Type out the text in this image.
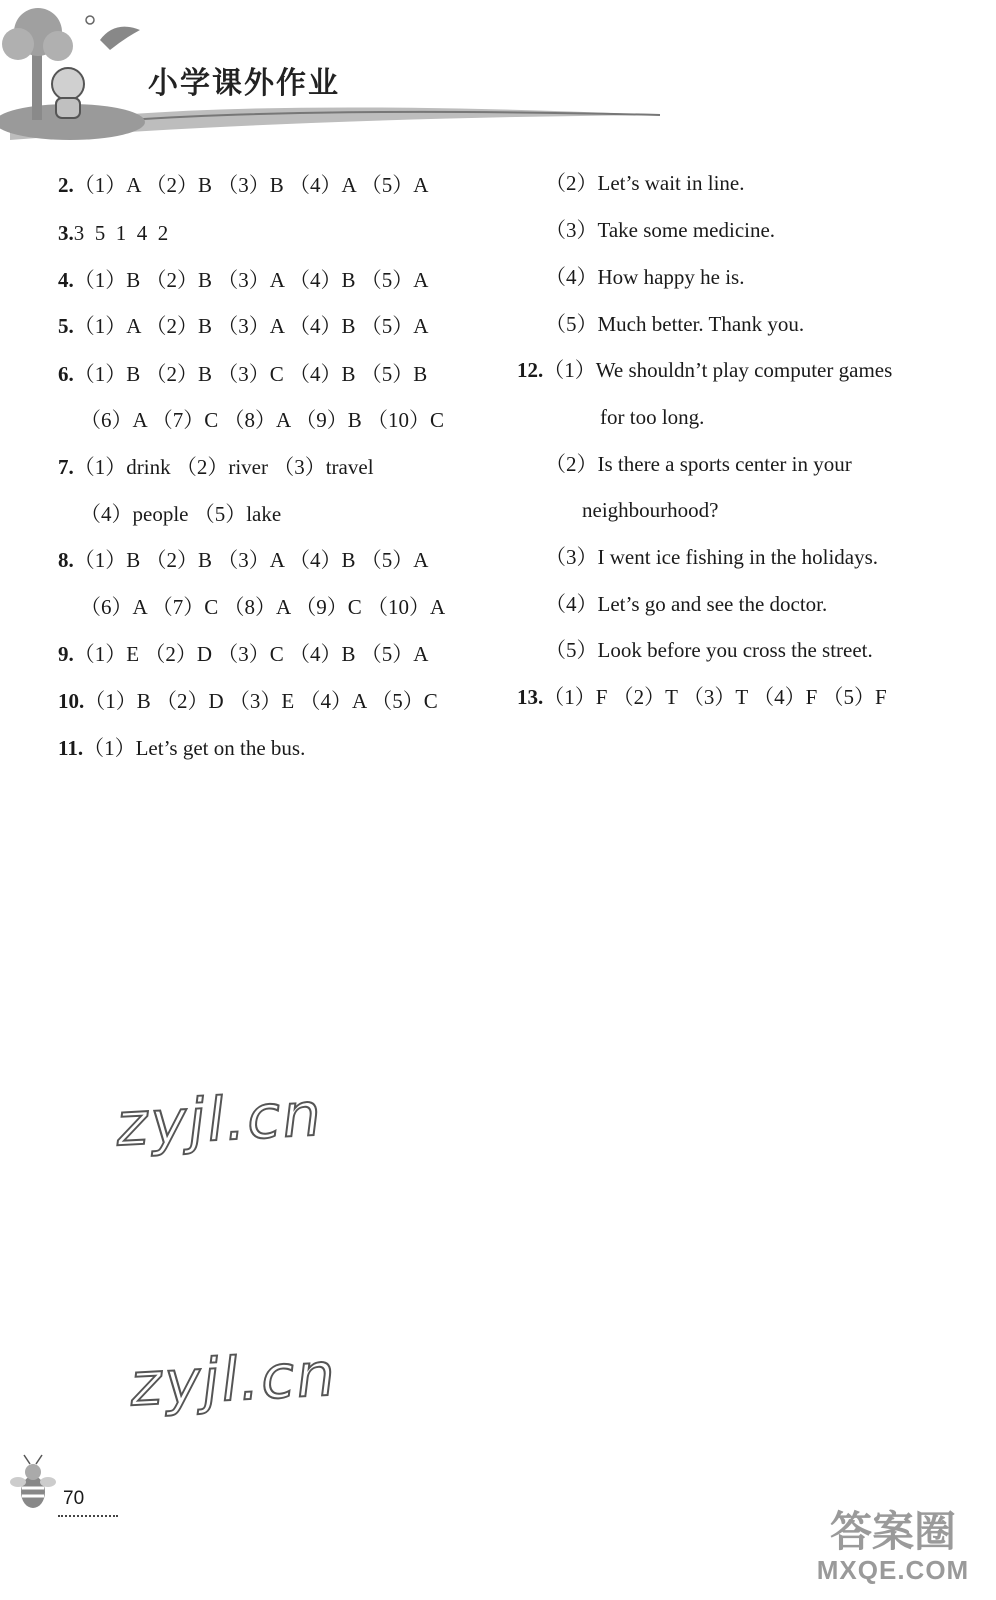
小学课外作业
2.（1）A （2）B （3）B （4）A （5）A
3.3  5  1  4  2
4.（1）B （2）B （3）A （4）B （5）A
5.（1）A （2）B （3）A （4）B （5）A
6.（1）B （2）B （3）C （4）B （5）B
（6）A （7）C （8）A （9）B （10）C
7.（1）drink （2）river （3）travel
（4）people （5）lake
8.（1）B （2）B （3）A （4）B （5）A
（6）A （7）C （8）A （9）C （10）A
9.（1）E （2）D （3）C （4）B （5）A
10.（1）B （2）D （3）E （4）A （5）C
11.（1）Let’s get on the bus.
（2）Let’s wait in line.
（3）Take some medicine.
（4）How happy he is.
（5）Much better. Thank you.
12.（1）We shouldn’t play computer games
for too long.
（2）Is there a sports center in your
neighbourhood?
（3）I went ice fishing in the holidays.
（4）Let’s go and see the doctor.
（5）Look before you cross the street.
13.（1）F （2）T （3）T （4）F （5）F
zyjl.cn
zyjl.cn
70
答案圈
MXQE.COM
